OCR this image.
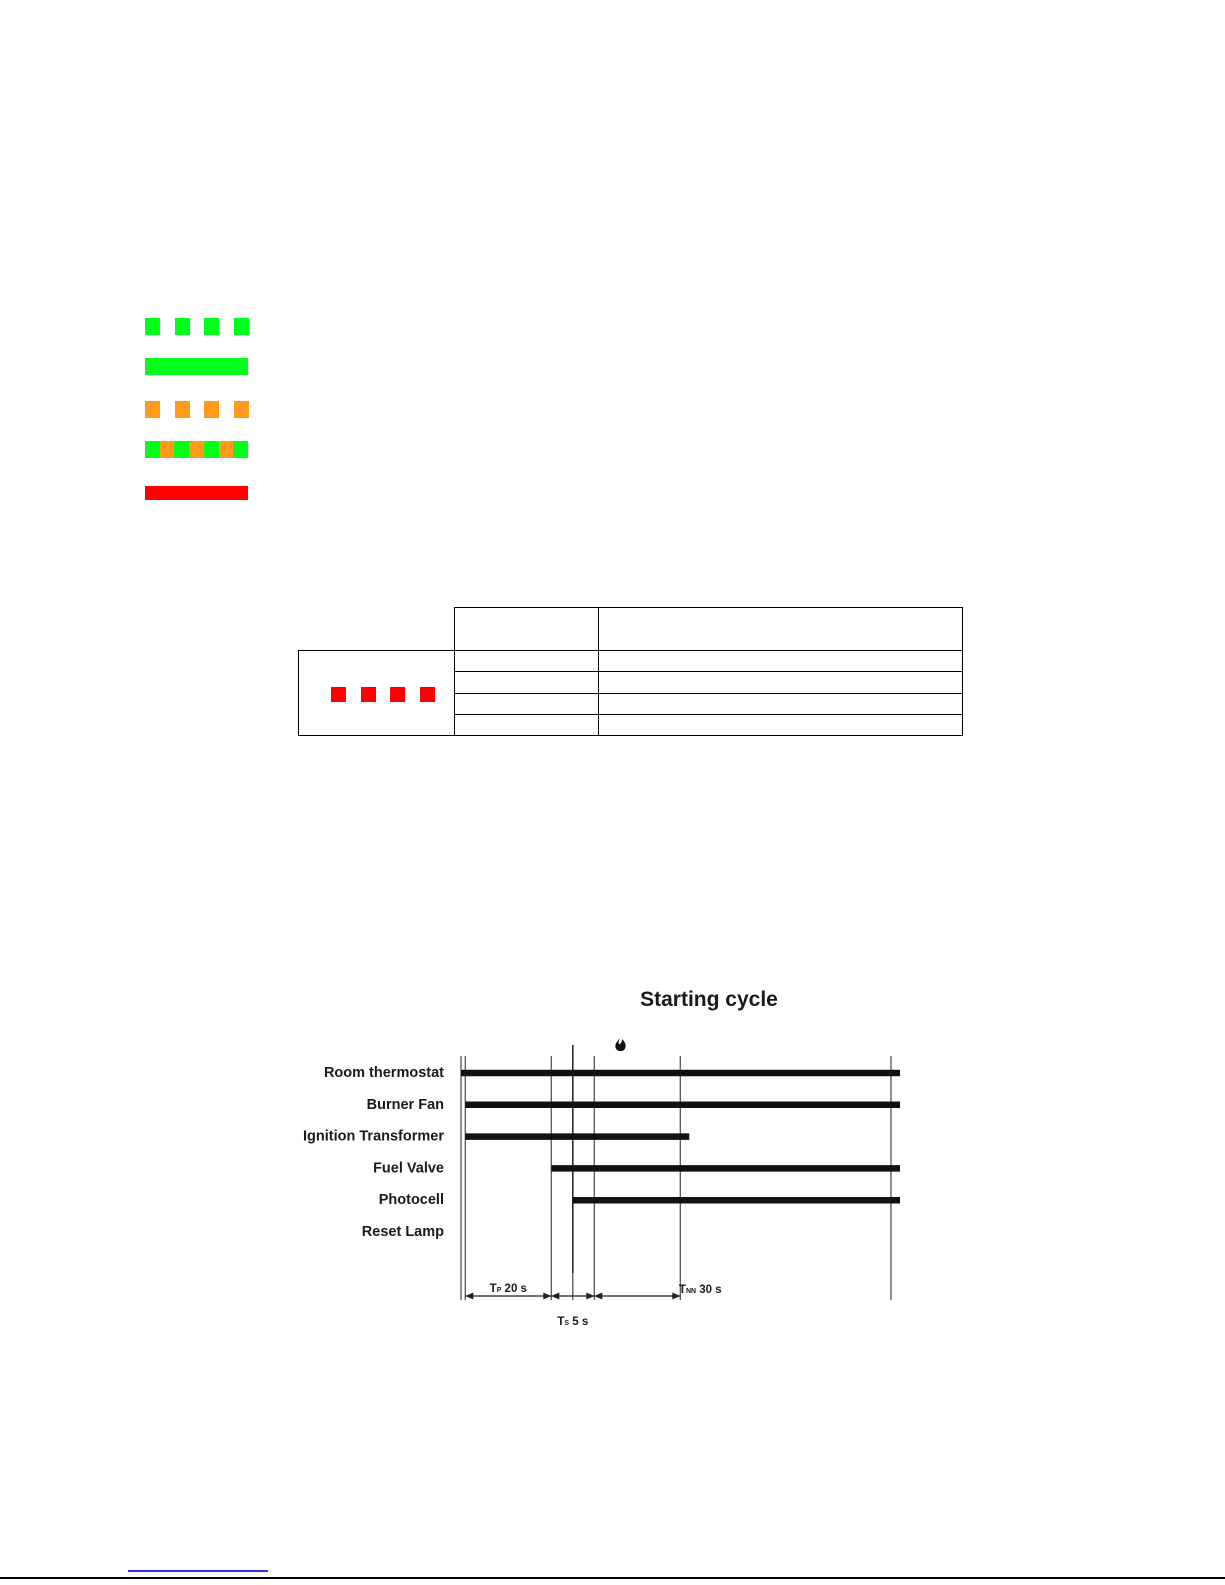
Starting cycle
Room thermostat
Burner Fan
Ignition Transformer
Fuel Valve
Photocell
Reset Lamp
TP 20 s
TS 5 s
TNN 30 s
